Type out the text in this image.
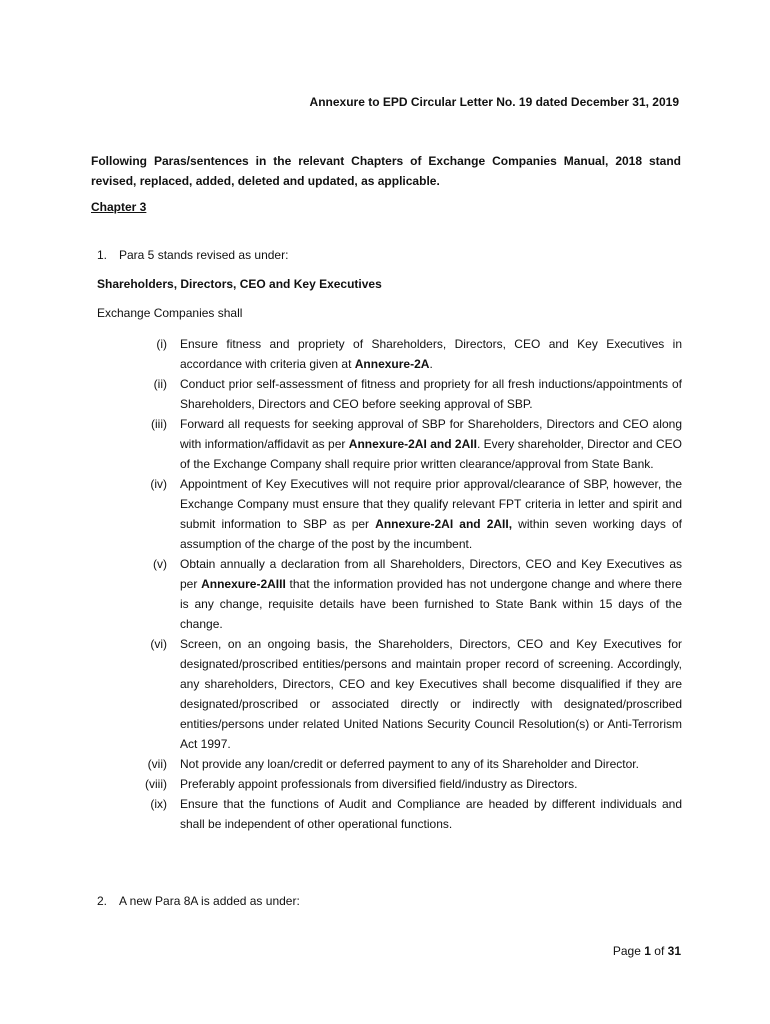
Annexure to EPD Circular Letter No. 19 dated December 31, 2019
Following Paras/sentences in the relevant Chapters of Exchange Companies Manual, 2018 stand revised, replaced, added, deleted and updated, as applicable.
Chapter 3
1. Para 5 stands revised as under:
Shareholders, Directors, CEO and Key Executives
Exchange Companies shall
(i)	Ensure fitness and propriety of Shareholders, Directors, CEO and Key Executives in accordance with criteria given at Annexure-2A.
(ii)	Conduct prior self-assessment of fitness and propriety for all fresh inductions/appointments of Shareholders, Directors and CEO before seeking approval of SBP.
(iii)	Forward all requests for seeking approval of SBP for Shareholders, Directors and CEO along with information/affidavit as per Annexure-2AI and 2AII. Every shareholder, Director and CEO of the Exchange Company shall require prior written clearance/approval from State Bank.
(iv)	Appointment of Key Executives will not require prior approval/clearance of SBP, however, the Exchange Company must ensure that they qualify relevant FPT criteria in letter and spirit and submit information to SBP as per Annexure-2AI and 2AII, within seven working days of assumption of the charge of the post by the incumbent.
(v)	Obtain annually a declaration from all Shareholders, Directors, CEO and Key Executives as per Annexure-2AIII that the information provided has not undergone change and where there is any change, requisite details have been furnished to State Bank within 15 days of the change.
(vi)	Screen, on an ongoing basis, the Shareholders, Directors, CEO and Key Executives for designated/proscribed entities/persons and maintain proper record of screening. Accordingly, any shareholders, Directors, CEO and key Executives shall become disqualified if they are designated/proscribed or associated directly or indirectly with designated/proscribed entities/persons under related United Nations Security Council Resolution(s) or Anti-Terrorism Act 1997.
(vii)	Not provide any loan/credit or deferred payment to any of its Shareholder and Director.
(viii)	Preferably appoint professionals from diversified field/industry as Directors.
(ix)	Ensure that the functions of Audit and Compliance are headed by different individuals and shall be independent of other operational functions.
2. A new Para 8A is added as under:
Page 1 of 31
